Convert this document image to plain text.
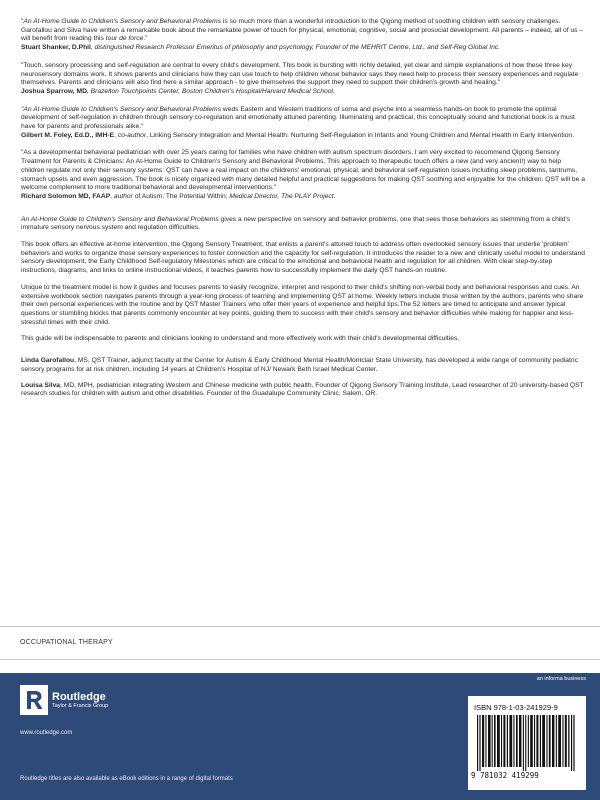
"An At-Home Guide to Children's Sensory and Behavioral Problems is so much more than a wonderful introduction to the Qigong method of soothing children with sensory challenges. Garofallou and Silva have written a remarkable book about the remarkable power of touch for physical, emotional, cognitive, social and prosocial development. All parents – indeed, all of us – will benefit from reading this tour de force."
Stuart Shanker, D.Phil, distinguished Research Professor Emeritus of philosophy and psychology, Founder of the MEHRIT Centre, Ltd., and Self-Reg Global Inc.

"Touch, sensory processing and self-regulation are central to every child's development. This book is bursting with richly detailed, yet clear and simple explanations of how these three key neurosensory domains work. It shows parents and clinicians how they can use touch to help children whose behavior says they need help to process their sensory experiences and regulate themselves. Parents and clinicians will also find here a similar approach - to give themselves the support they need to support their children's growth and healing."
Joshua Sparrow, MD, Brazelton Touchpoints Center, Boston Children's Hospital/Harvard Medical School.

"An At-Home Guide to Children's Sensory and Behavioral Problems weds Eastern and Western traditions of soma and psyche into a seamless hands-on book to promote the optimal development of self-regulation in children through sensory co-regulation and emotionally attuned parenting. Illuminating and practical, this conceptually sound and functional book is a must have for parents and professionals alike."
Gilbert M. Foley, Ed.D., IMH-E, co-author, Linking Sensory Integration and Mental Health: Nurturing Self-Regulation in Infants and Young Children and Mental Health in Early Intervention.

"As a developmental behavioral pediatrician with over 25 years caring for families who have children with autism spectrum disorders, I am very excited to recommend Qigong Sensory Treatment for Parents & Clinicians: An At-Home Guide to Children's Sensory and Behavioral Problems. This approach to therapeutic touch offers a new (and very ancient!) way to help children regulate not only their sensory systems: QST can have a real impact on the childrens' emotional, physical, and behavioral self-regulation issues including sleep problems, tantrums, stomach upsets and even aggression. The book is nicely organized with many detailed helpful and practical suggestions for making QST soothing and enjoyable for the children. QST will be a welcome complement to more traditional behavioral and developmental interventions."
Richard Solomon MD, FAAP, author of Autism: The Potential Within; Medical Director, The PLAY Project.

An At-Home Guide to Children's Sensory and Behavioral Problems gives a new perspective on sensory and behavior problems, one that sees those behaviors as stemming from a child's immature sensory nervous system and regulation difficulties.

This book offers an effective at-home intervention, the Qigong Sensory Treatment, that enlists a parent's attuned touch to address often overlooked sensory issues that underlie 'problem' behaviors and works to organize those sensory experiences to foster connection and the capacity for self-regulation. It introduces the reader to a new and clinically useful model to understand sensory development, the Early Childhood Self-regulatory Milestones which are critical to the emotional and behavioral health and regulation for all children. With clear step-by-step instructions, diagrams, and links to online instructional videos, it teaches parents how to successfully implement the daily QST hands-on routine.

Unique to the treatment model is how it guides and focuses parents to easily recognize, interpret and respond to their child's shifting non-verbal body and behavioral responses and cues. An extensive workbook section navigates parents through a year-long process of learning and implementing QST at home. Weekly letters include those written by the authors, parents who share their own personal experiences with the routine and by QST Master Trainers who offer their years of experience and helpful tips.The 52 letters are timed to anticipate and answer typical questions or stumbling blocks that parents commonly encounter at key points, guiding them to success with their child's sensory and behavior difficulties while making for happier and less-stressful times with their child.

This guide will be indispensable to parents and clinicians looking to understand and more effectively work with their child's developmental difficulties.

Linda Garofallou, MS, QST Trainer, adjunct faculty at the Center for Autism & Early Childhood Mental Health/Montclair State University, has developed a wide range of community pediatric sensory programs for at risk children, including 14 years at Children's Hospital of NJ/ Newark Beth Israel Medical Center.

Louisa Silva, MD, MPH, pediatrician integrating Western and Chinese medicine with public health. Founder of Qigong Sensory Training Institute, Lead researcher of 20 university-based QST research studies for children with autism and other disabilities. Founder of the Guadalupe Community Clinic, Salem, OR.

OCCUPATIONAL THERAPY
an informa business
Routledge
Taylor & Francis Group
www.routledge.com
Routledge titles are also available as eBook editions in a range of digital formats
ISBN 978-1-03-241929-9
9 781032 419299
